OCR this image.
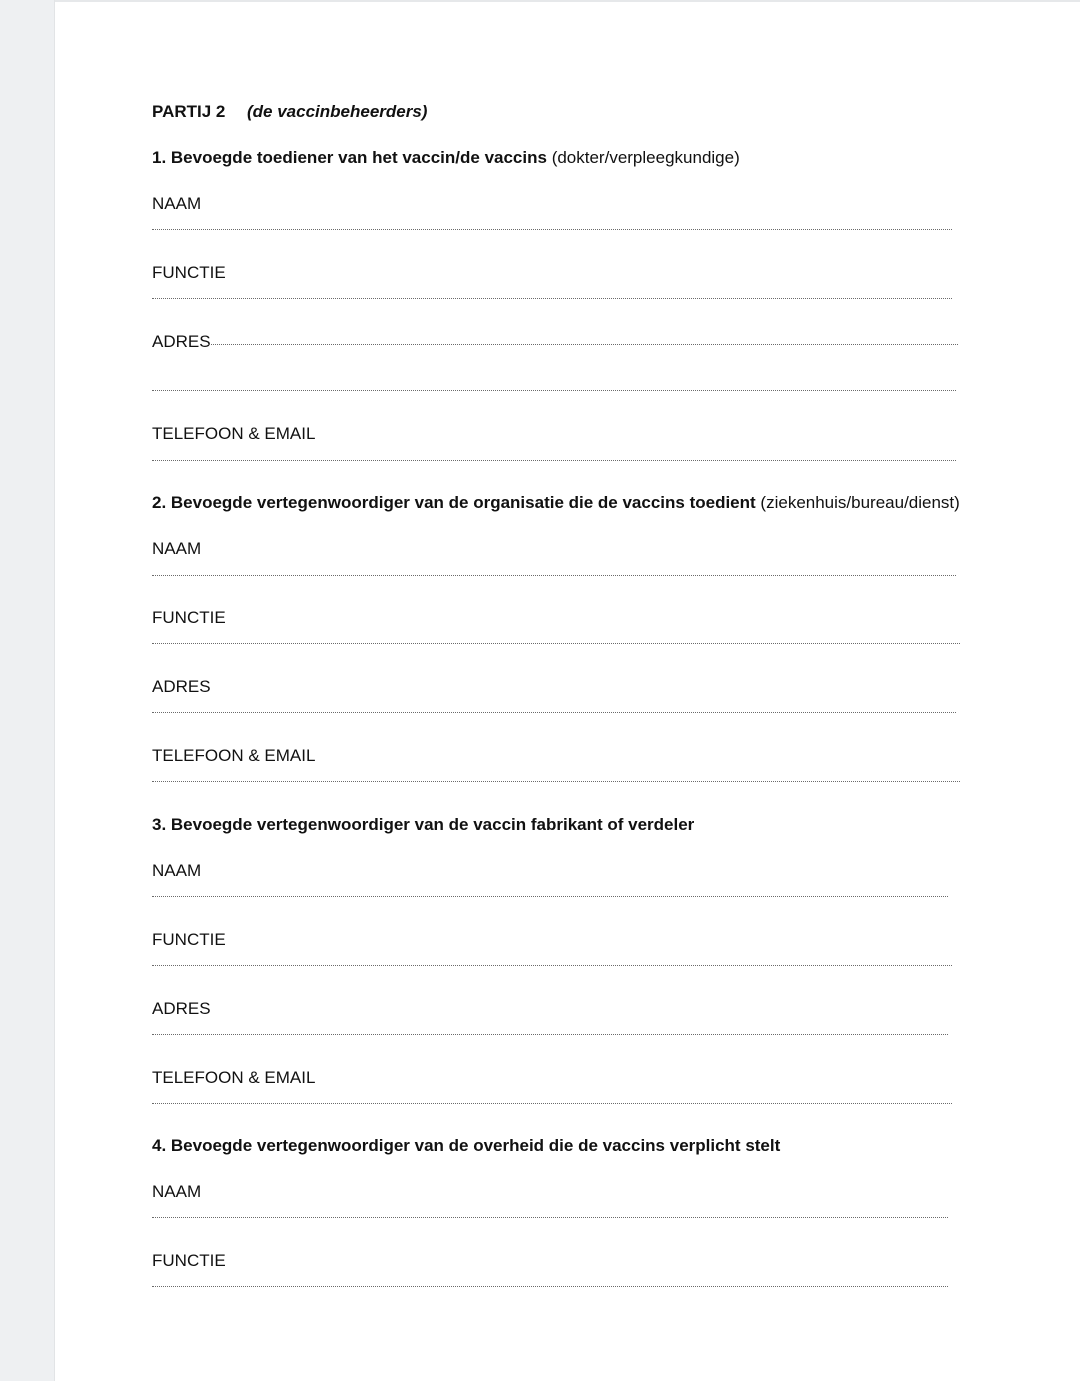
PARTIJ 2 (de vaccinbeheerders)
1. Bevoegde toediener van het vaccin/de vaccins (dokter/verpleegkundige)
NAAM
FUNCTIE
ADRES
TELEFOON & EMAIL
2. Bevoegde vertegenwoordiger van de organisatie die de vaccins toedient (ziekenhuis/bureau/dienst)
NAAM
FUNCTIE
ADRES
TELEFOON & EMAIL
3. Bevoegde vertegenwoordiger van de vaccin fabrikant of verdeler
NAAM
FUNCTIE
ADRES
TELEFOON & EMAIL
4. Bevoegde vertegenwoordiger van de overheid die de vaccins verplicht stelt
NAAM
FUNCTIE
